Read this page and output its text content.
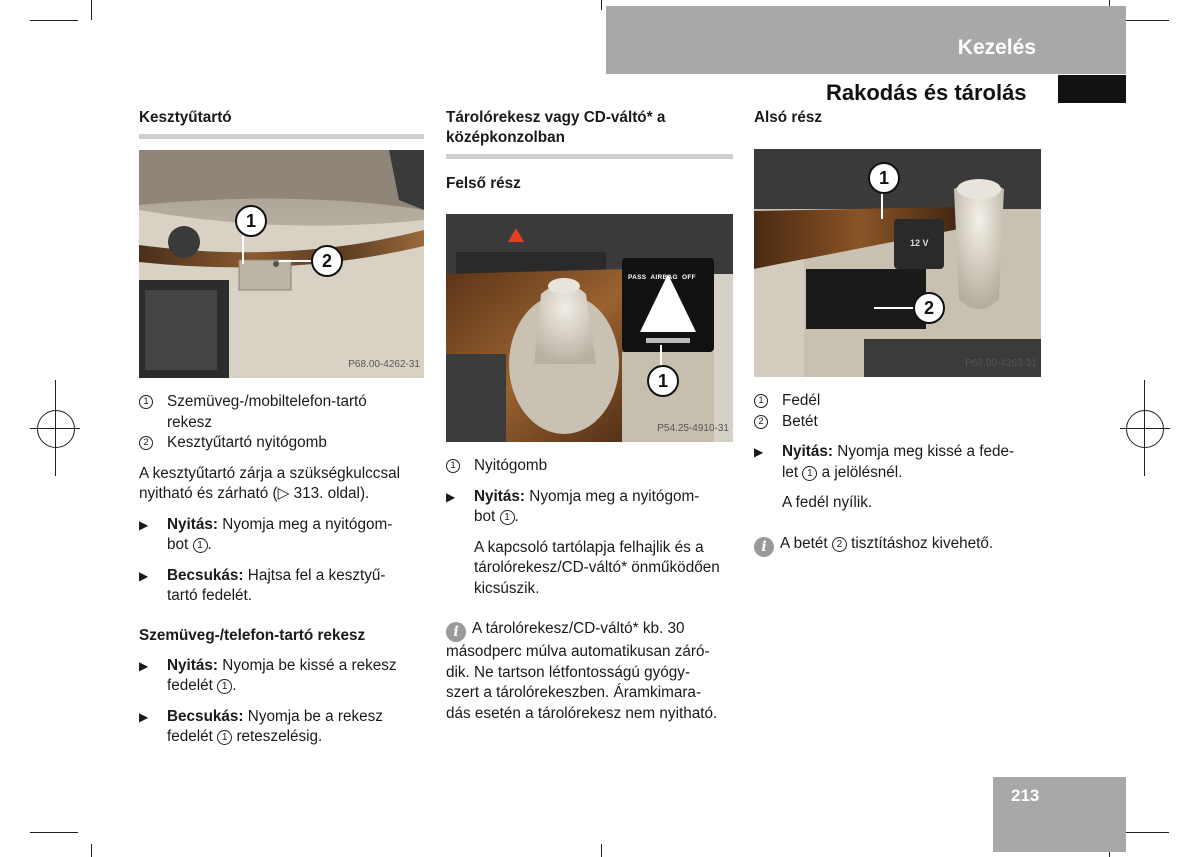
Kezelés
Rakodás és tárolás
Kesztyűtartó
1
2
P68.00-4262-31
1 Szemüveg-/mobiltelefon-tartó
rekesz
2 Kesztyűtartó nyitógomb

A kesztyűtartó zárja a szükségkulccsal
nyitható és zárható (▷ 313. oldal).

▶	Nyitás: Nyomja meg a nyitógom-
bot 1 .
▶	Becsukás: Hajtsa fel a kesztyű-
tartó fedelét.
Szemüveg-/telefon-tartó rekesz
▶	Nyitás: Nyomja be kissé a rekesz
fedelét 1 .
▶	Becsukás: Nyomja be a rekesz
fedelét 1 reteszelésig.
Tárolórekesz vagy CD-váltó* a
középkonzolban
Felső rész
PASS  AIRBAG  OFF
1
P54.25-4910-31
1 Nyitógomb
▶	Nyitás: Nyomja meg a nyitógom-
bot 1 .

A kapcsoló tartólapja felhajlik és a
tárolórekesz/CD-váltó* önműködően
kicsúszik.

i A tárolórekesz/CD-váltó* kb. 30
másodperc múlva automatikusan záró-
dik. Ne tartson létfontosságú gyógy-
szert a tárolórekeszben. Áramkimara-
dás esetén a tárolórekesz nem nyitható.

Alsó rész
12 V
1
2
P68.00-4263-31
1 Fedél
2 Betét
▶	Nyitás: Nyomja meg kissé a fede-
let 1 a jelölésnél.

A fedél nyílik.

i A betét 2 tisztításhoz kivehető.

213
